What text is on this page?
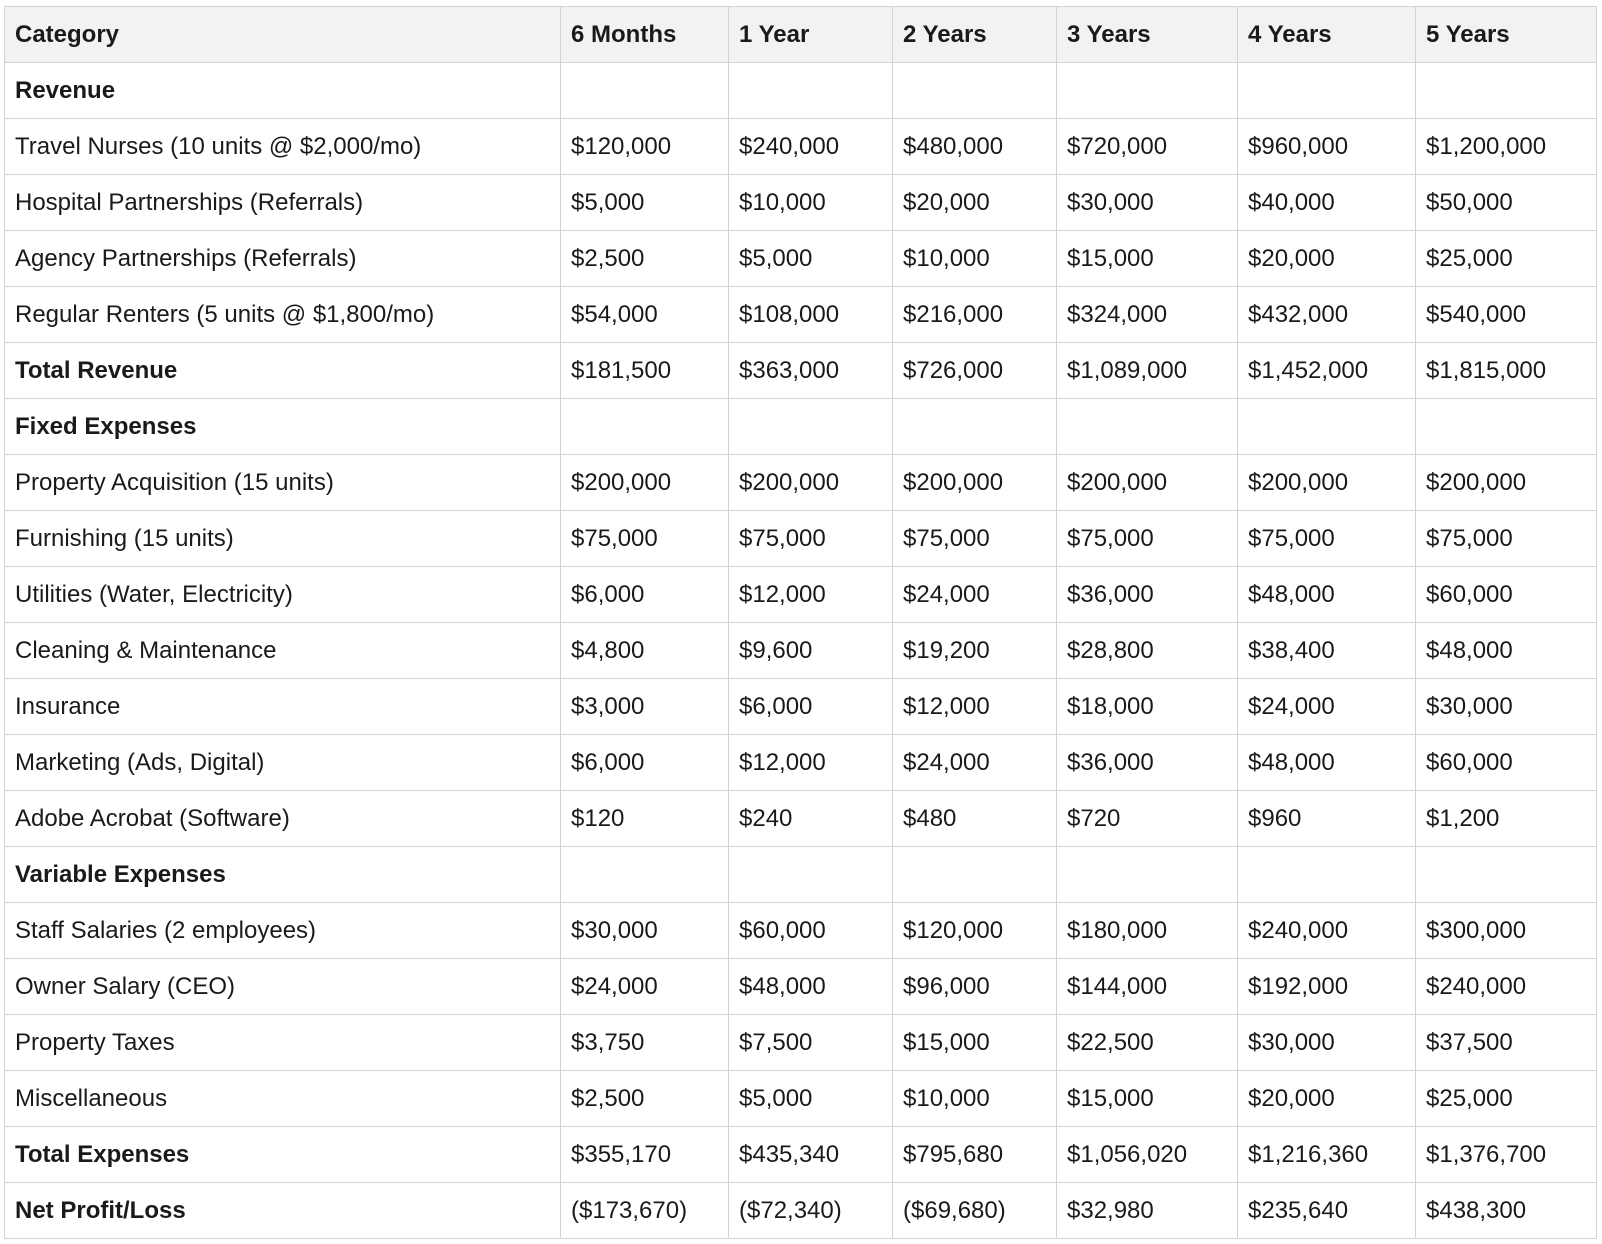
Category	6 Months	1 Year	2 Years	3 Years	4 Years	5 Years
Revenue						
Travel Nurses (10 units @ $2,000/mo)	$120,000	$240,000	$480,000	$720,000	$960,000	$1,200,000
Hospital Partnerships (Referrals)	$5,000	$10,000	$20,000	$30,000	$40,000	$50,000
Agency Partnerships (Referrals)	$2,500	$5,000	$10,000	$15,000	$20,000	$25,000
Regular Renters (5 units @ $1,800/mo)	$54,000	$108,000	$216,000	$324,000	$432,000	$540,000
Total Revenue	$181,500	$363,000	$726,000	$1,089,000	$1,452,000	$1,815,000
Fixed Expenses						
Property Acquisition (15 units)	$200,000	$200,000	$200,000	$200,000	$200,000	$200,000
Furnishing (15 units)	$75,000	$75,000	$75,000	$75,000	$75,000	$75,000
Utilities (Water, Electricity)	$6,000	$12,000	$24,000	$36,000	$48,000	$60,000
Cleaning & Maintenance	$4,800	$9,600	$19,200	$28,800	$38,400	$48,000
Insurance	$3,000	$6,000	$12,000	$18,000	$24,000	$30,000
Marketing (Ads, Digital)	$6,000	$12,000	$24,000	$36,000	$48,000	$60,000
Adobe Acrobat (Software)	$120	$240	$480	$720	$960	$1,200
Variable Expenses						
Staff Salaries (2 employees)	$30,000	$60,000	$120,000	$180,000	$240,000	$300,000
Owner Salary (CEO)	$24,000	$48,000	$96,000	$144,000	$192,000	$240,000
Property Taxes	$3,750	$7,500	$15,000	$22,500	$30,000	$37,500
Miscellaneous	$2,500	$5,000	$10,000	$15,000	$20,000	$25,000
Total Expenses	$355,170	$435,340	$795,680	$1,056,020	$1,216,360	$1,376,700
Net Profit/Loss	($173,670)	($72,340)	($69,680)	$32,980	$235,640	$438,300
